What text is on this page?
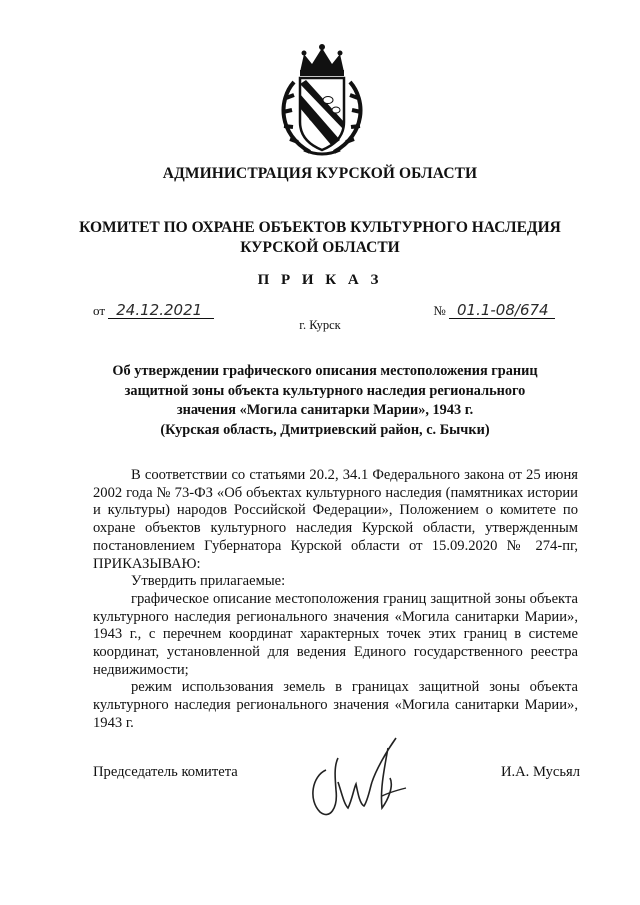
АДМИНИСТРАЦИЯ КУРСКОЙ ОБЛАСТИ
КОМИТЕТ ПО ОХРАНЕ ОБЪЕКТОВ КУЛЬТУРНОГО НАСЛЕДИЯ
КУРСКОЙ ОБЛАСТИ
П Р И К А З
от 24.12.2021	№ 01.1-08/674
г. Курск
Об утверждении графического описания местоположения границ
защитной зоны объекта культурного наследия регионального
значения «Могила санитарки Марии», 1943 г.
(Курская область, Дмитриевский район, с. Бычки)

В соответствии со статьями 20.2, 34.1 Федерального закона от 25 июня 2002 года № 73-ФЗ «Об объектах культурного наследия (памятниках истории и культуры) народов Российской Федерации», Положением о комитете по охране объектов культурного наследия Курской области, утвержденным постановлением Губернатора Курской области от 15.09.2020 № 274-пг, ПРИКАЗЫВАЮ:

Утвердить прилагаемые:

графическое описание местоположения границ защитной зоны объекта культурного наследия регионального значения «Могила санитарки Марии», 1943 г., с перечнем координат характерных точек этих границ в системе координат, установленной для ведения Единого государственного реестра недвижимости;

режим использования земель в границах защитной зоны объекта культурного наследия регионального значения «Могила санитарки Марии», 1943 г.

Председатель комитета	И.А. Мусьял
